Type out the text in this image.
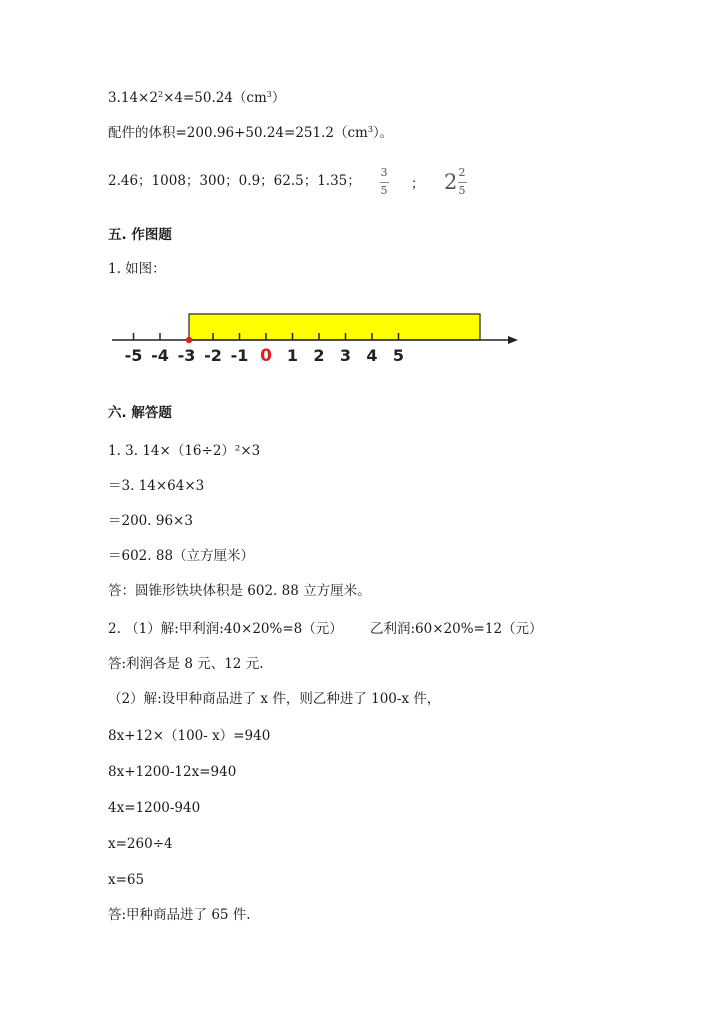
$3.14\times 2^2\times 4=50.24(cm^3)$
配件的体积$=200.96+50.24=251.2(cm^3)$。
2.46；1008；300；0.9；62.5；1.35；
3
5 ； 2 2
5
五. 作图题
1. 如图：
-5 -4 -3 -2 -1 0 1 2 3 4 5
六. 解答题
1. 3. 14×（16÷2）²×3
＝3. 14×64×3
＝200. 96×3
＝602. 88（立方厘米）
答：圆锥形铁块体积是 602. 88 立方厘米。
2. （1）解:甲利润:40×20%=8（元） 乙利润:60×20%=12（元）
答:利润各是 8 元、12 元.
（2）解:设甲种商品进了 x 件，则乙种进了 100-x 件，
8x+12×（100- x）=940
8x+1200-12x=940
4x=1200-940
x=260÷4
x=65
答:甲种商品进了 65 件.
